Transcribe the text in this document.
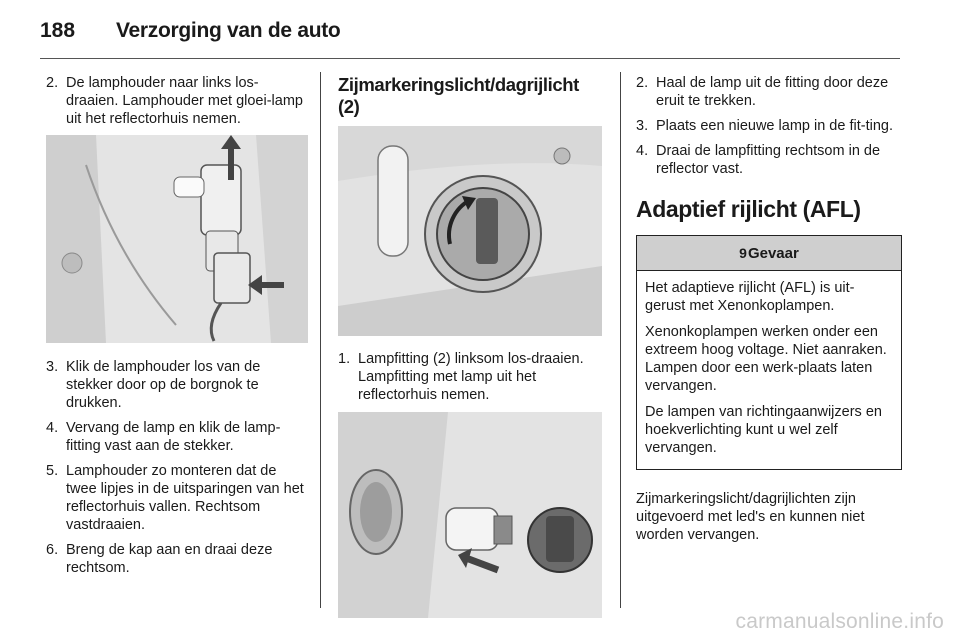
188 Verzorging van de auto
2. De lamphouder naar links los-draaien. Lamphouder met gloei-lamp uit het reflectorhuis nemen.
3. Klik de lamphouder los van de stekker door op de borgnok te drukken.
4. Vervang de lamp en klik de lamp-fitting vast aan de stekker.
5. Lamphouder zo monteren dat de twee lipjes in de uitsparingen van het reflectorhuis vallen. Rechtsom vastdraaien.
6. Breng de kap aan en draai deze rechtsom.
Zijmarkeringslicht/dagrijlicht (2)
1. Lampfitting (2) linksom los-draaien. Lampfitting met lamp uit het reflectorhuis nemen.
2. Haal de lamp uit de fitting door deze eruit te trekken.
3. Plaats een nieuwe lamp in de fit-ting.
4. Draai de lampfitting rechtsom in de reflector vast.
Adaptief rijlicht (AFL)
9 Gevaar

Het adaptieve rijlicht (AFL) is uit-gerust met Xenonkoplampen.

Xenonkoplampen werken onder een extreem hoog voltage. Niet aanraken. Lampen door een werk-plaats laten vervangen.

De lampen van richtingaanwijzers en hoekverlichting kunt u wel zelf vervangen.

Zijmarkeringslicht/dagrijlichten zijn uitgevoerd met led's en kunnen niet worden vervangen.

carmanualsonline.info
